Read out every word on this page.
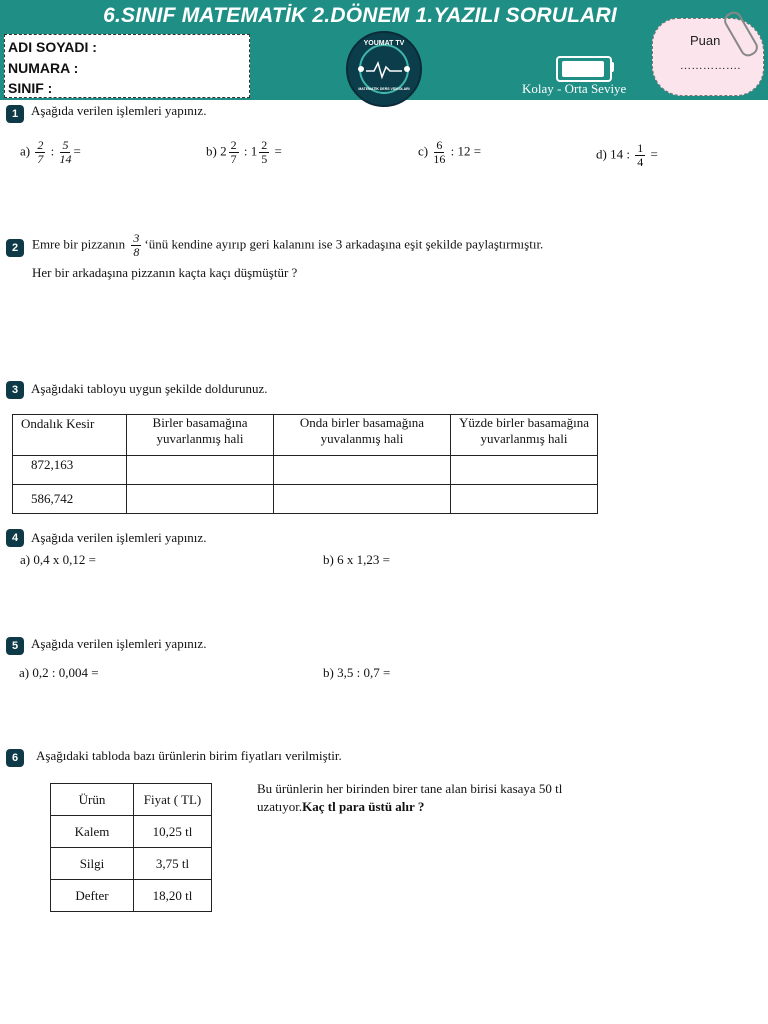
6.SINIF MATEMATİK 2.DÖNEM 1.YAZILI SORULARI
ADI SOYADI :
NUMARA :
SINIF :
YOUMAT TV
MATEMATİK DERS VİDEOLARI	Kolay - Orta Seviye
Puan
…………….
1 Aşağıda verilen işlemleri yapınız.
$a) \frac{2}{7}$ : $\frac{5}{14}$ =	b) $2 \frac{2}{7}$ : $1 \frac{2}{5}$ =	$c) \frac{6}{16}$ : 12 =	d) 14 : $\frac{1}{4}$ =
2	Emre bir pizzanın $\frac{3}{8}$ ‘ünü kendine ayırıp geri kalanını ise 3 arkadaşına eşit şekilde paylaştırmıştır.
Her bir arkadaşına pizzanın kaçta kaçı düşmüştür ?
3 Aşağıdaki tabloyu uygun şekilde doldurunuz.
Ondalık Kesir	Birler basamağına yuvarlanmış hali	Onda birler basamağına yuvalanmış hali	Yüzde birler basamağına yuvarlanmış hali
872,163			
586,742			
4 Aşağıda verilen işlemleri yapınız.
a) 0,4 x 0,12 =	b) 6 x 1,23 =
5 Aşağıda verilen işlemleri yapınız.
a) 0,2 : 0,004 =	b) 3,5 : 0,7 =
6	Aşağıdaki tabloda bazı ürünlerin birim fiyatları verilmiştir.
Ürün	Fiyat ( TL)
Kalem	10,25 tl
Silgi	3,75 tl
Defter	18,20 tl
Bu ürünlerin her birinden birer tane alan birisi kasaya 50 tl
uzatıyor.Kaç tl para üstü alır ?
